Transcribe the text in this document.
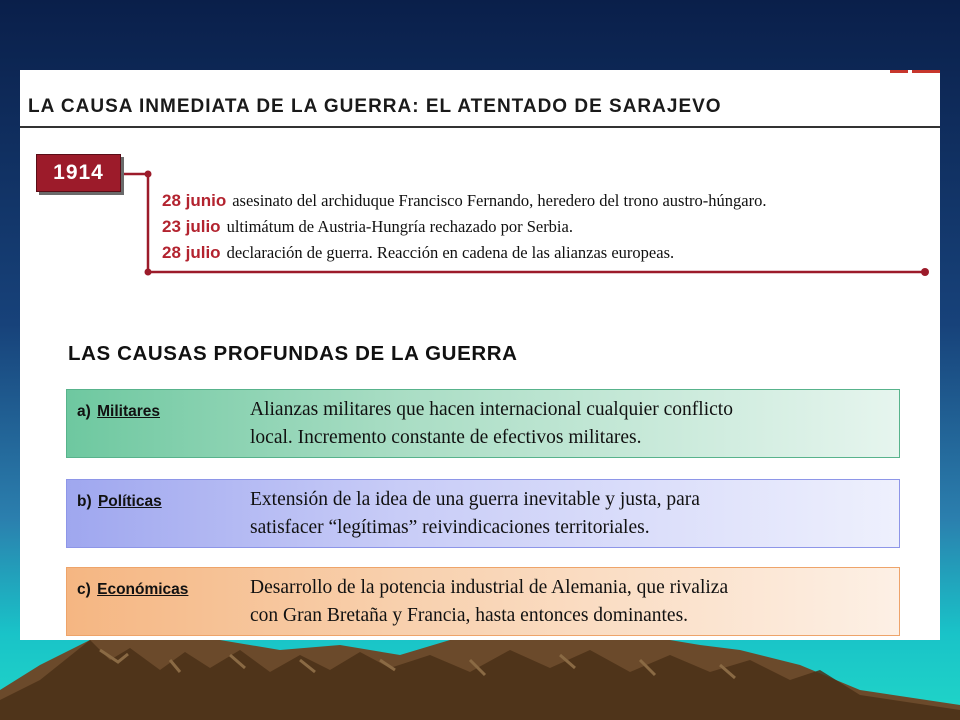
LA CAUSA INMEDIATA DE LA GUERRA: EL ATENTADO DE SARAJEVO
1914
28 junio asesinato del archiduque Francisco Fernando, heredero del trono austro-húngaro.
23 julio ultimátum de Austria-Hungría rechazado por Serbia.
28 julio declaración de guerra. Reacción en cadena de las alianzas europeas.
LAS CAUSAS PROFUNDAS DE LA GUERRA
a) Militares	Alianzas militares que hacen internacional cualquier conflicto
local. Incremento constante de efectivos militares.
b) Políticas	Extensión de la idea de una guerra inevitable y justa, para
satisfacer “legítimas” reivindicaciones territoriales.
c) Económicas	Desarrollo de la potencia industrial de Alemania, que rivaliza
con Gran Bretaña y Francia, hasta entonces dominantes.
